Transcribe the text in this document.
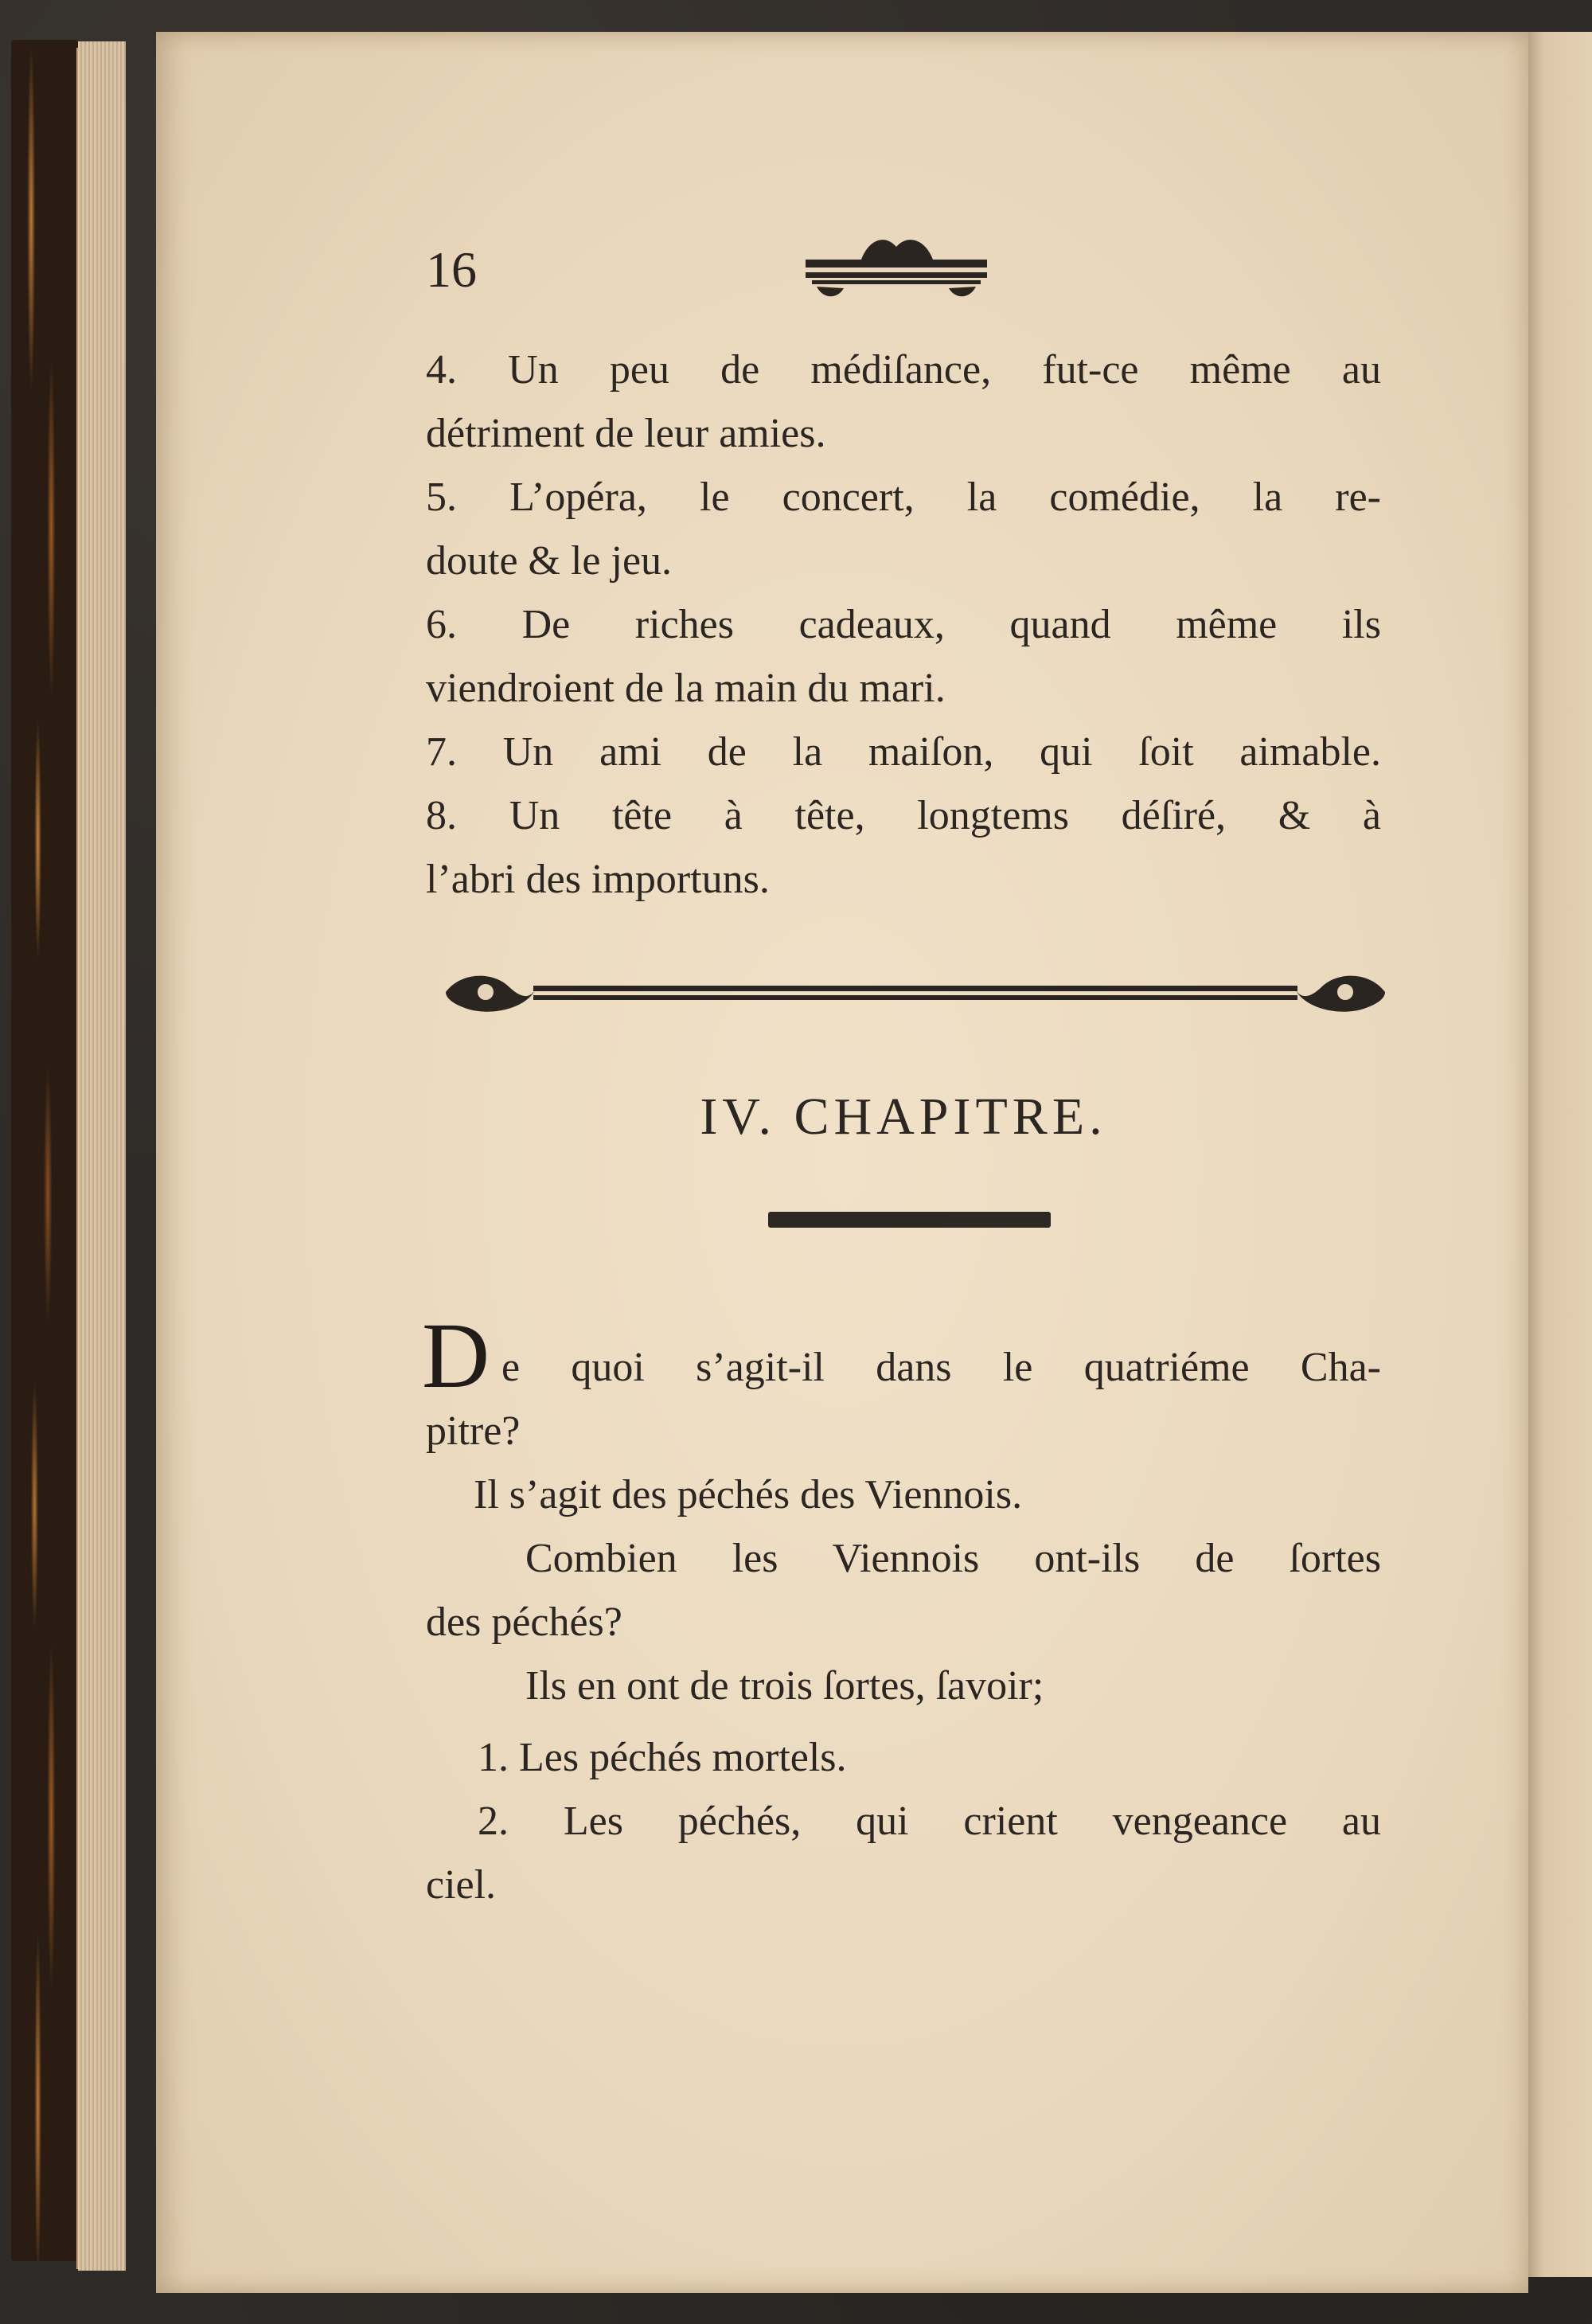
16

4. Un peu de médiſance, fut-ce même au

détriment de leur amies.

5. L’opéra, le concert, la comédie, la re-

doute & le jeu.

6. De riches cadeaux, quand même ils

viendroient de la main du mari.

7. Un ami de la maiſon, qui ſoit aimable.

8. Un tête à tête, longtems déſiré, & à

l’abri des importuns.

IV. CHAPITRE.
D e quoi s’agit-il dans le quatriéme Cha-

pitre?

Il s’agit des péchés des Viennois.

Combien les Viennois ont-ils de ſortes

des péchés?

Ils en ont de trois ſortes, ſavoir;

1. Les péchés mortels.

2. Les péchés, qui crient vengeance au

ciel.
